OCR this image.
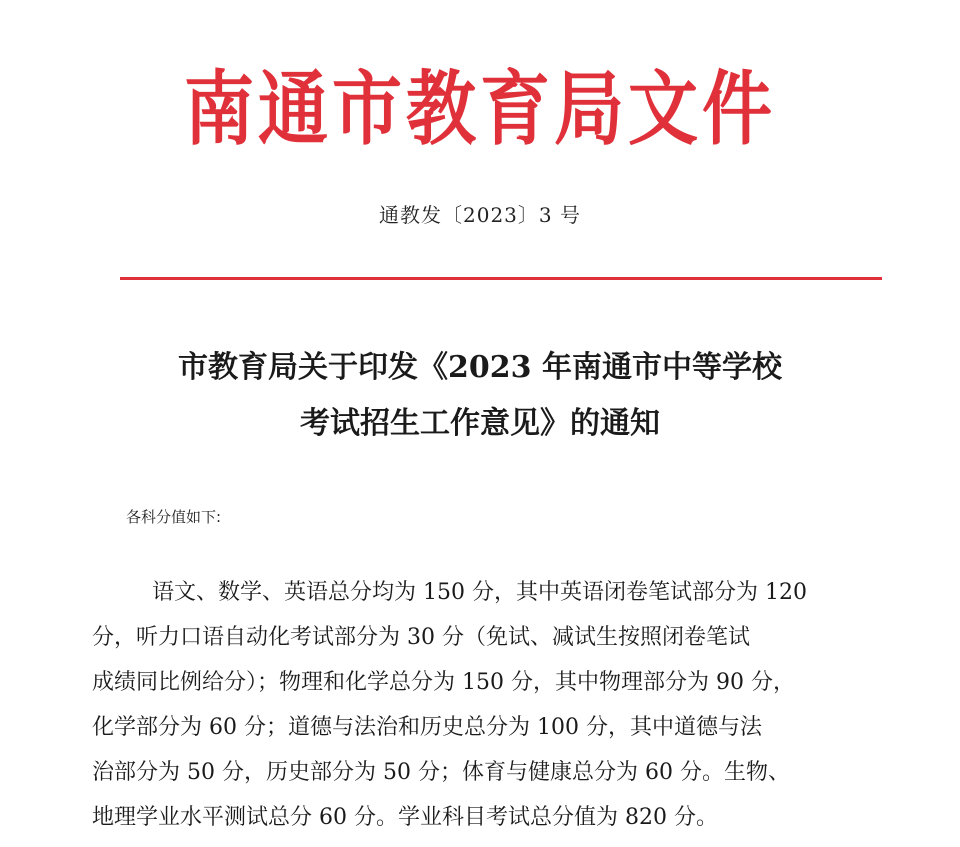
南通市教育局文件
通教发〔2023〕3 号
市教育局关于印发《2023 年南通市中等学校
考试招生工作意见》的通知
各科分值如下:
语文、数学、英语总分均为 150 分，其中英语闭卷笔试部分为 120
分，听力口语自动化考试部分为 30 分（免试、减试生按照闭卷笔试
成绩同比例给分）；物理和化学总分为 150 分，其中物理部分为 90 分，
化学部分为 60 分；道德与法治和历史总分为 100 分，其中道德与法
治部分为 50 分，历史部分为 50 分；体育与健康总分为 60 分。生物、
地理学业水平测试总分 60 分。学业科目考试总分值为 820 分。
